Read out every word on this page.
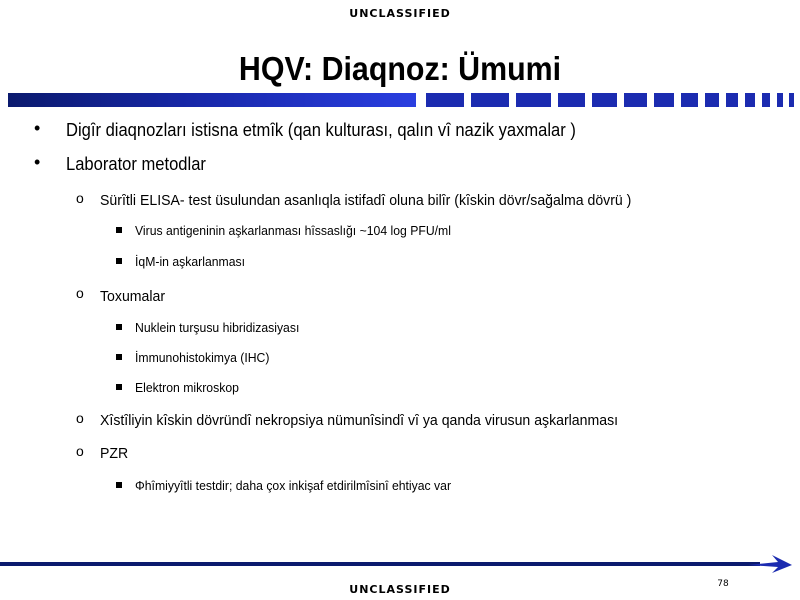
UNCLASSIFIED
HQV: Diaqnoz: Ümumi
• Digȋr diaqnozları istisna etmȋk (qan kulturası, qalın vȋ nazik yaxmalar )
• Laborator metodlar
o Sürȋtli ELISA- test üsulundan asanlıqla istifadȋ oluna bilȋr (kȋskin dövr/sağalma dövrü )
Virus antigeninin aşkarlanması hȋssaslığı ~104 log PFU/ml
İqM-in aşkarlanması
o Toxumalar
Nuklein turşusu hibridizasiyası
İmmunohistokimya (IHC)
Elektron mikroskop
o Xȋstȋliyin kȋskin dövründȋ nekropsiya nümunȋsindȋ vȋ ya qanda virusun aşkarlanması
o PZR
Φhȋmiyyȋtli testdir; daha çox inkişaf etdirilmȋsinȋ ehtiyac var
78
UNCLASSIFIED
